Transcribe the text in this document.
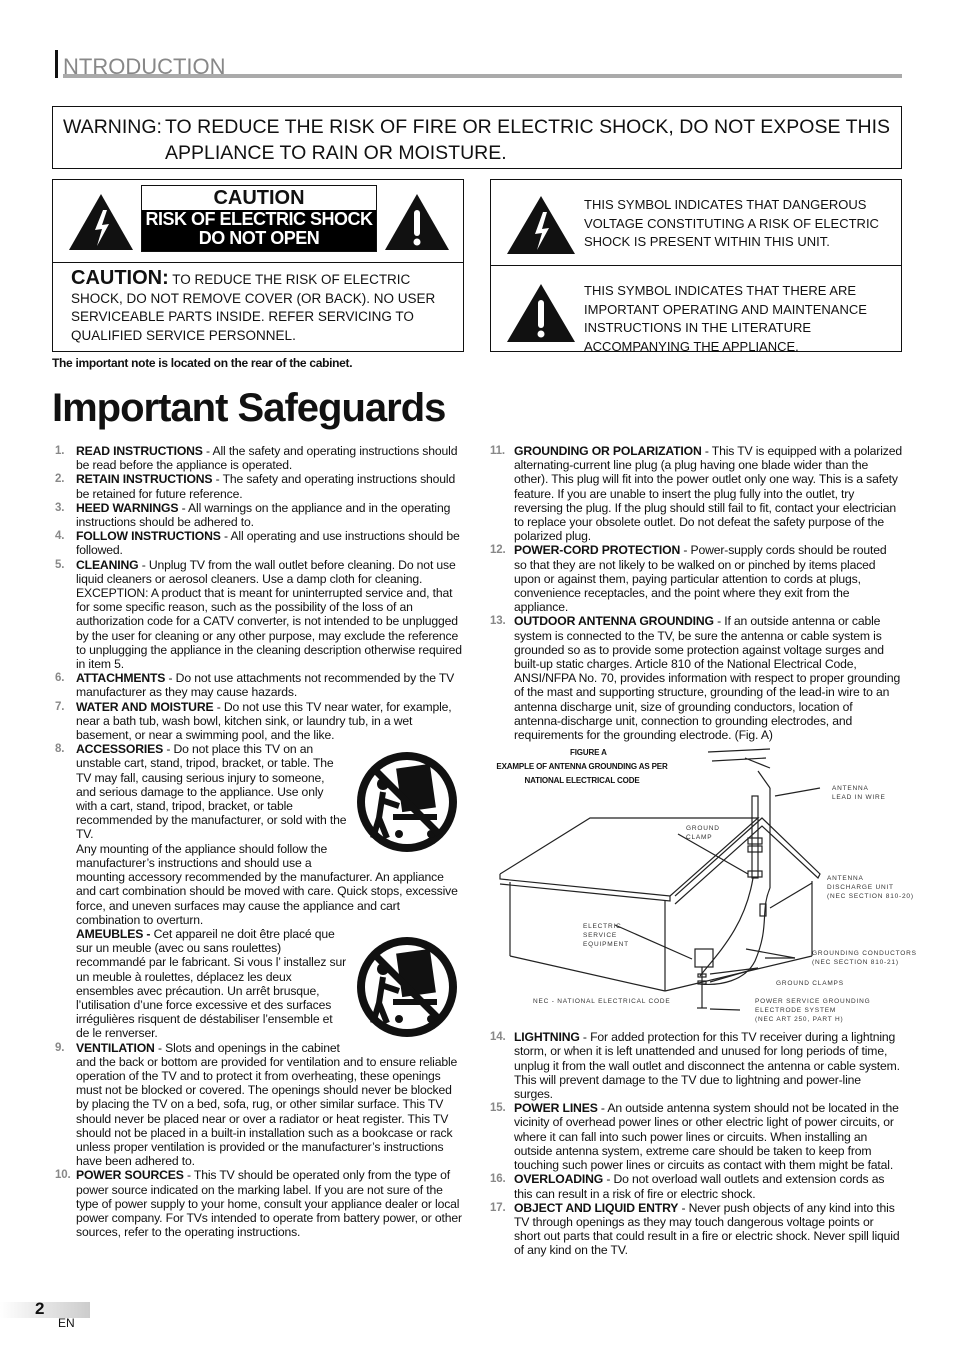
NTRODUCTION
WARNING: TO REDUCE THE RISK OF FIRE OR ELECTRIC SHOCK, DO NOT EXPOSE THIS APPLIANCE TO RAIN OR MOISTURE.
CAUTION
RISK OF ELECTRIC SHOCK
DO NOT OPEN
CAUTION: TO REDUCE THE RISK OF ELECTRIC SHOCK, DO NOT REMOVE COVER (OR BACK). NO USER SERVICEABLE PARTS INSIDE. REFER SERVICING TO QUALIFIED SERVICE PERSONNEL.
The important note is located on the rear of the cabinet.

THIS SYMBOL INDICATES THAT DANGEROUS VOLTAGE CONSTITUTING A RISK OF ELECTRIC SHOCK IS PRESENT WITHIN THIS UNIT.

THIS SYMBOL INDICATES THAT THERE ARE IMPORTANT OPERATING AND MAINTENANCE INSTRUCTIONS IN THE LITERATURE ACCOMPANYING THE APPLIANCE.

Important Safeguards
1. READ INSTRUCTIONS - All the safety and operating instructions should be read before the appliance is operated.

2. RETAIN INSTRUCTIONS - The safety and operating instructions should be retained for future reference.

3. HEED WARNINGS - All warnings on the appliance and in the operating instructions should be adhered to.

4. FOLLOW INSTRUCTIONS - All operating and use instructions should be followed.

5. CLEANING - Unplug TV from the wall outlet before cleaning. Do not use liquid cleaners or aerosol cleaners. Use a damp cloth for cleaning.

EXCEPTION: A product that is meant for uninterrupted service and, that for some specific reason, such as the possibility of the loss of an authorization code for a CATV converter, is not intended to be unplugged by the user for cleaning or any other purpose, may exclude the reference to unplugging the appliance in the cleaning description otherwise required in item 5.

6. ATTACHMENTS - Do not use attachments not recommended by the TV manufacturer as they may cause hazards.

7. WATER AND MOISTURE - Do not use this TV near water, for example, near a bath tub, wash bowl, kitchen sink, or laundry tub, in a wet basement, or near a swimming pool, and the like.

8. ACCESSORIES - Do not place this TV on an unstable cart, stand, tripod, bracket, or table. The TV may fall, causing serious injury to someone, and serious damage to the appliance. Use only with a cart, stand, tripod, bracket, or table recommended by the manufacturer, or sold with the TV.

Any mounting of the appliance should follow the manufacturer’s instructions and should use a mounting accessory recommended by the manufacturer. An appliance and cart combination should be moved with care. Quick stops, excessive force, and uneven surfaces may cause the appliance and cart combination to overturn.

AMEUBLES - Cet appareil ne doit être placé que sur un meuble (avec ou sans roulettes) recommandé par le fabricant. Si vous l’ installez sur un meuble à roulettes, déplacez les deux ensembles avec précaution. Un arrêt brusque, l’utilisation d’une force excessive et des surfaces irrégulières risquent de déstabiliser l’ensemble et de le renverser.

9. VENTILATION - Slots and openings in the cabinet and the back or bottom are provided for ventilation and to ensure reliable operation of the TV and to protect it from overheating, these openings must not be blocked or covered. The openings should never be blocked by placing the TV on a bed, sofa, rug, or other similar surface. This TV should never be placed near or over a radiator or heat register. This TV should not be placed in a built-in installation such as a bookcase or rack unless proper ventilation is provided or the manufacturer’s instructions have been adhered to.

10. POWER SOURCES - This TV should be operated only from the type of power source indicated on the marking label. If you are not sure of the type of power supply to your home, consult your appliance dealer or local power company. For TVs intended to operate from battery power, or other sources, refer to the operating instructions.

11. GROUNDING OR POLARIZATION - This TV is equipped with a polarized alternating-current line plug (a plug having one blade wider than the other). This plug will fit into the power outlet only one way. This is a safety feature. If you are unable to insert the plug fully into the outlet, try reversing the plug. If the plug should still fail to fit, contact your electrician to replace your obsolete outlet. Do not defeat the safety purpose of the polarized plug.

12. POWER-CORD PROTECTION - Power-supply cords should be routed so that they are not likely to be walked on or pinched by items placed upon or against them, paying particular attention to cords at plugs, convenience receptacles, and the point where they exit from the appliance.

13. OUTDOOR ANTENNA GROUNDING - If an outside antenna or cable system is connected to the TV, be sure the antenna or cable system is grounded so as to provide some protection against voltage surges and built-up static charges. Article 810 of the National Electrical Code, ANSI/NFPA No. 70, provides information with respect to proper grounding of the mast and supporting structure, grounding of the lead-in wire to an antenna discharge unit, size of grounding conductors, location of antenna-discharge unit, connection to grounding electrodes, and requirements for the grounding electrode. (Fig. A)

FIGURE A
EXAMPLE OF ANTENNA GROUNDING AS PER
NATIONAL ELECTRICAL CODE
ANTENNA
LEAD IN WIRE
GROUND
CLAMP
ANTENNA
DISCHARGE UNIT
(NEC SECTION 810-20)
ELECTRIC
SERVICE
EQUIPMENT
GROUNDING CONDUCTORS
(NEC SECTION 810-21)
GROUND CLAMPS
NEC - NATIONAL ELECTRICAL CODE	POWER SERVICE GROUNDING
ELECTRODE SYSTEM
(NEC ART 250, PART H)
14. LIGHTNING - For added protection for this TV receiver during a lightning storm, or when it is left unattended and unused for long periods of time, unplug it from the wall outlet and disconnect the antenna or cable system. This will prevent damage to the TV due to lightning and power-line surges.

15. POWER LINES - An outside antenna system should not be located in the vicinity of overhead power lines or other electric light of power circuits, or where it can fall into such power lines or circuits. When installing an outside antenna system, extreme care should be taken to keep from touching such power lines or circuits as contact with them might be fatal.

16. OVERLOADING - Do not overload wall outlets and extension cords as this can result in a risk of fire or electric shock.

17. OBJECT AND LIQUID ENTRY - Never push objects of any kind into this TV through openings as they may touch dangerous voltage points or short out parts that could result in a fire or electric shock. Never spill liquid of any kind on the TV.

2
EN
